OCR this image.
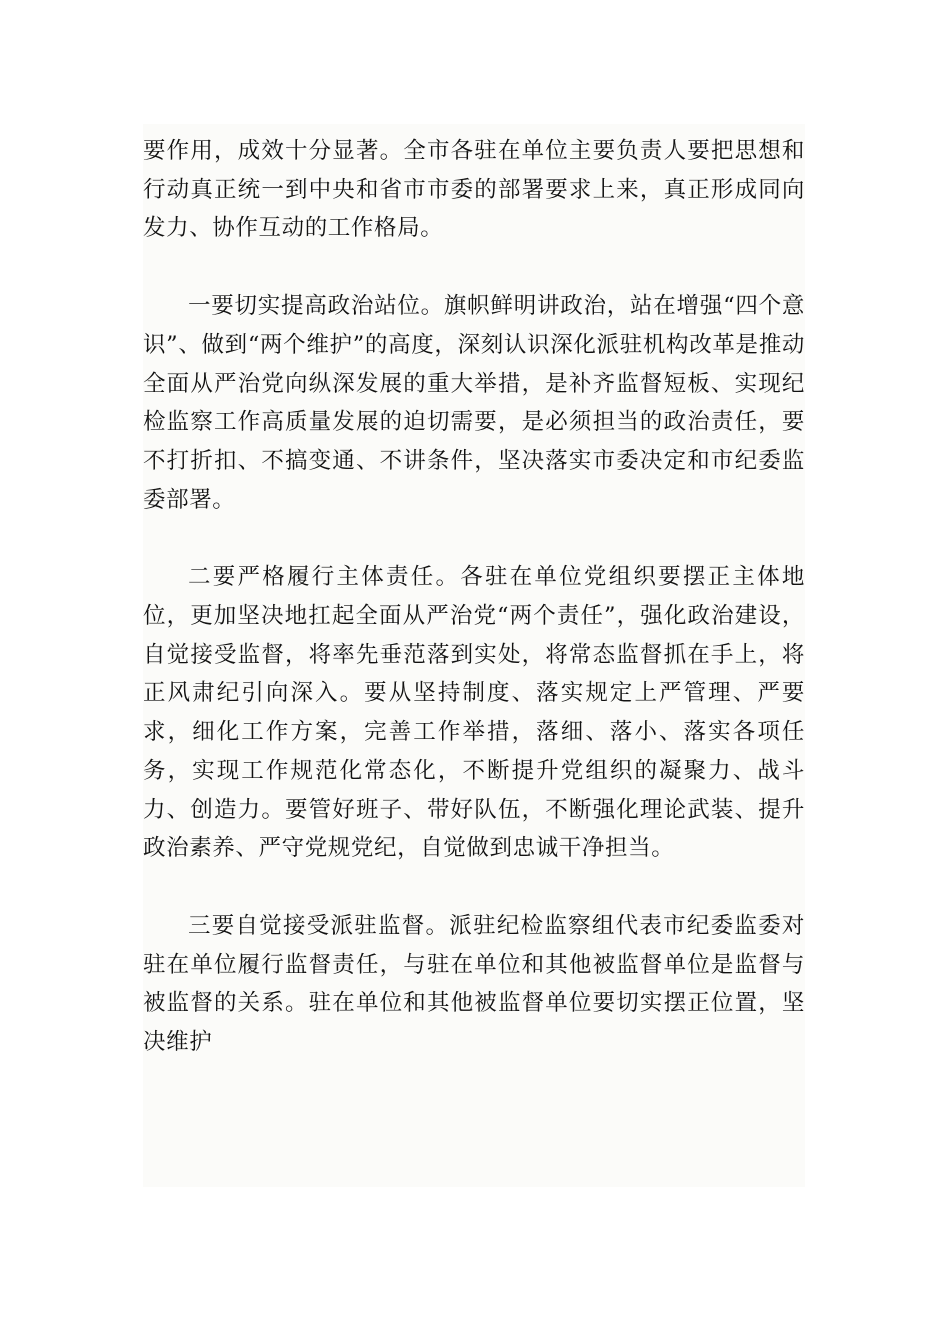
要作用，成效十分显著。全市各驻在单位主要负责人要把思想和行动真正统一到中央和省市市委的部署要求上来，真正形成同向发力、协作互动的工作格局。

一要切实提高政治站位。旗帜鲜明讲政治，站在增强“四个意识”、做到“两个维护”的高度，深刻认识深化派驻机构改革是推动全面从严治党向纵深发展的重大举措，是补齐监督短板、实现纪检监察工作高质量发展的迫切需要，是必须担当的政治责任，要不打折扣、不搞变通、不讲条件，坚决落实市委决定和市纪委监委部署。

二要严格履行主体责任。各驻在单位党组织要摆正主体地位，更加坚决地扛起全面从严治党“两个责任”，强化政治建设，自觉接受监督，将率先垂范落到实处，将常态监督抓在手上，将正风肃纪引向深入。要从坚持制度、落实规定上严管理、严要求，细化工作方案，完善工作举措，落细、落小、落实各项任务，实现工作规范化常态化，不断提升党组织的凝聚力、战斗力、创造力。要管好班子、带好队伍，不断强化理论武装、提升政治素养、严守党规党纪，自觉做到忠诚干净担当。

三要自觉接受派驻监督。派驻纪检监察组代表市纪委监委对驻在单位履行监督责任，与驻在单位和其他被监督单位是监督与被监督的关系。驻在单位和其他被监督单位要切实摆正位置，坚决维护
